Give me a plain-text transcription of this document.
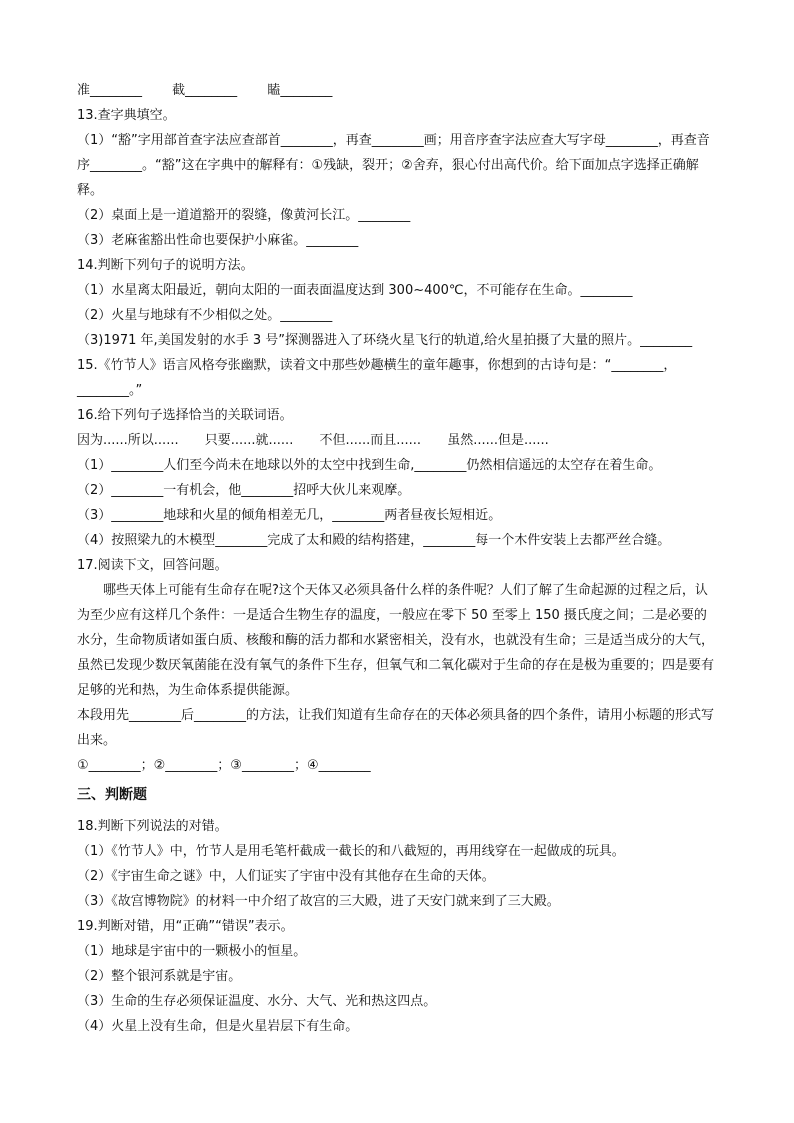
准________ 截________ 瞌________
13.查字典填空。
（1）“豁”字用部首查字法应查部首________，再查________画；用音序查字法应查大写字母________，再查音序________。“豁”这在字典中的解释有：①残缺，裂开；②舍弃，狠心付出高代价。给下面加点字选择正确解释。
（2）桌面上是一道道豁开的裂缝，像黄河长江。________
（3）老麻雀豁出性命也要保护小麻雀。________
14.判断下列句子的说明方法。
（1）水星离太阳最近，朝向太阳的一面表面温度达到 300~400℃，不可能存在生命。________
（2）火星与地球有不少相似之处。________
（3)1971 年,美国发射的水手 3 号”探测器进入了环绕火星飞行的轨道,给火星拍摄了大量的照片。________
15.《竹节人》语言风格夸张幽默，读着文中那些妙趣横生的童年趣事，你想到的古诗句是：“________，________。”
16.给下列句子选择恰当的关联词语。
因为......所以...... 只要......就...... 不但......而且...... 虽然......但是......
（1）________人们至今尚未在地球以外的太空中找到生命,________仍然相信遥远的太空存在着生命。
（2）________一有机会，他________招呼大伙儿来观摩。
（3）________地球和火星的倾角相差无几，________两者昼夜长短相近。
（4）按照梁九的木模型________完成了太和殿的结构搭建，________每一个木件安装上去都严丝合缝。
17.阅读下文，回答问题。
哪些天体上可能有生命存在呢?这个天体又必须具备什么样的条件呢？人们了解了生命起源的过程之后，认为至少应有这样几个条件：一是适合生物生存的温度，一般应在零下 50 至零上 150 摄氏度之间；二是必要的水分，生命物质诸如蛋白质、核酸和酶的活力都和水紧密相关，没有水，也就没有生命；三是适当成分的大气，虽然已发现少数厌氧菌能在没有氧气的条件下生存，但氧气和二氧化碳对于生命的存在是极为重要的；四是要有足够的光和热，为生命体系提供能源。
本段用先________后________的方法，让我们知道有生命存在的天体必须具备的四个条件，请用小标题的形式写出来。
①________；②________；③________；④________
三、判断题
18.判断下列说法的对错。
（1）《竹节人》中，竹节人是用毛笔杆截成一截长的和八截短的，再用线穿在一起做成的玩具。
（2）《宇宙生命之谜》中，人们证实了宇宙中没有其他存在生命的天体。
（3）《故宫博物院》的材料一中介绍了故宫的三大殿，进了天安门就来到了三大殿。
19.判断对错，用“正确”“错误”表示。
（1）地球是宇宙中的一颗极小的恒星。
（2）整个银河系就是宇宙。
（3）生命的生存必须保证温度、水分、大气、光和热这四点。
（4）火星上没有生命，但是火星岩层下有生命。
